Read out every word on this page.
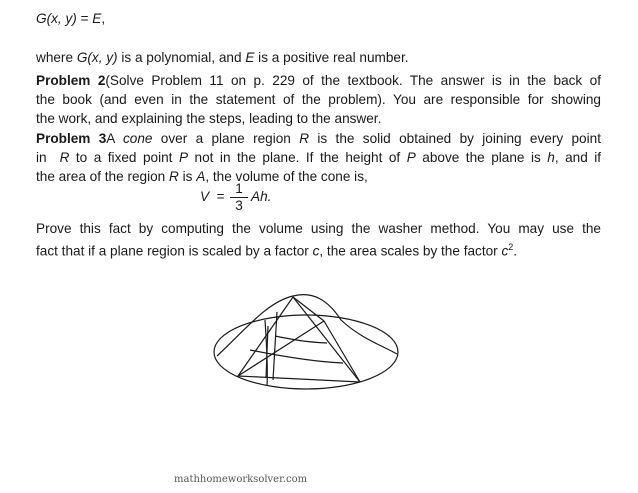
G(x, y) = E,
where G(x, y) is a polynomial, and E is a positive real number.
Problem 2(Solve Problem 11 on p. 229 of the textbook. The answer is in the back of
the book (and even in the statement of the problem). You are responsible for showing
the work, and explaining the steps, leading to the answer.
Problem 3A cone over a plane region R is the solid obtained by joining every point
in R to a fixed point P not in the plane. If the height of P above the plane is h, and if
the area of the region R is A, the volume of the cone is,
V =
1
3
Ah.
Prove this fact by computing the volume using the washer method. You may use the
fact that if a plane region is scaled by a factor c, the area scales by the factor $c^2$.
mathhomeworksolver.com
